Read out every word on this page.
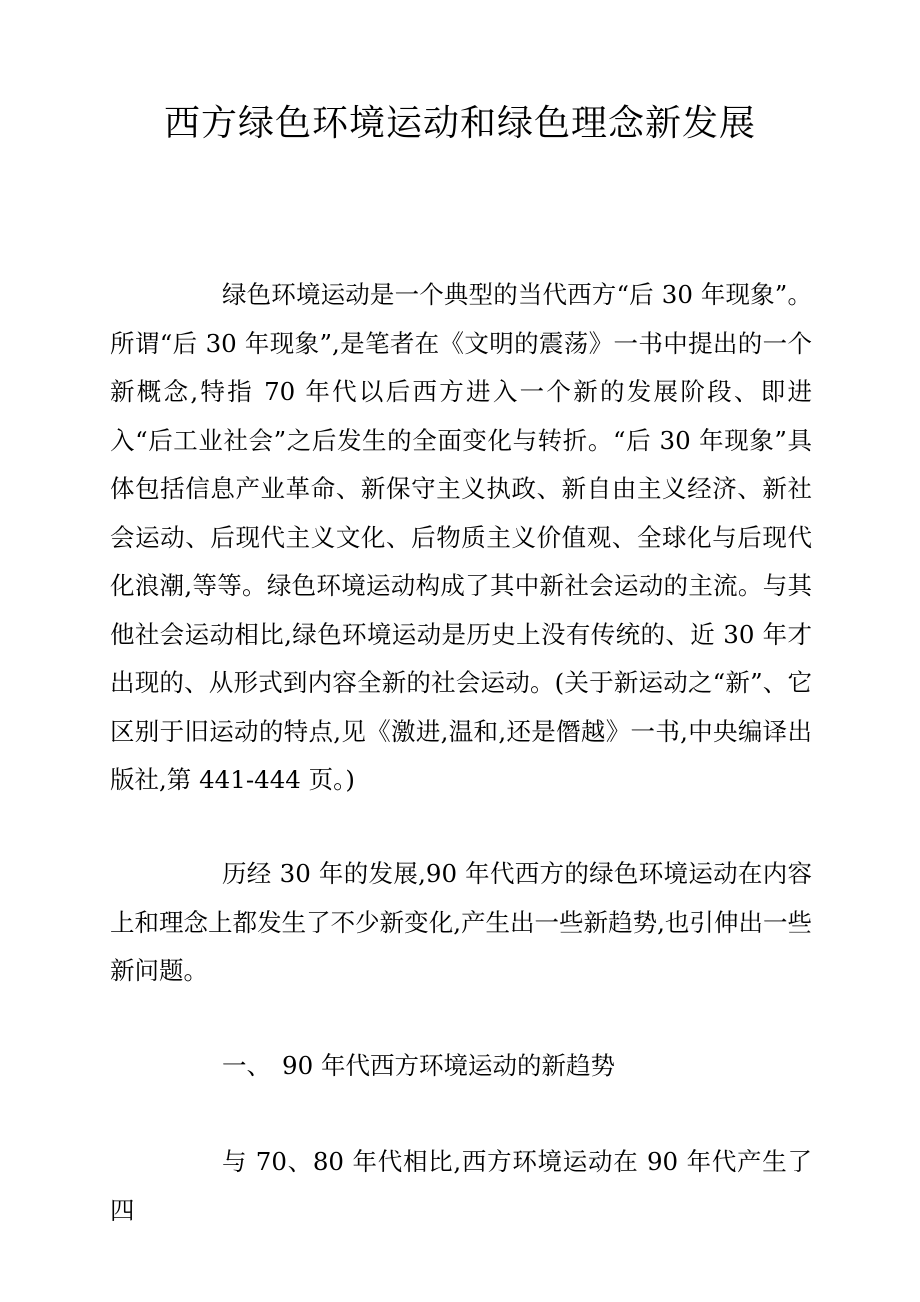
西方绿色环境运动和绿色理念新发展

绿色环境运动是一个典型的当代西方“后 30 年现象”。所谓“后 30 年现象”,是笔者在《文明的震荡》一书中提出的一个新概念,特指 70 年代以后西方进入一个新的发展阶段、即进入“后工业社会”之后发生的全面变化与转折。“后 30 年现象”具体包括信息产业革命、新保守主义执政、新自由主义经济、新社会运动、后现代主义文化、后物质主义价值观、全球化与后现代化浪潮,等等。绿色环境运动构成了其中新社会运动的主流。与其他社会运动相比,绿色环境运动是历史上没有传统的、近 30 年才出现的、从形式到内容全新的社会运动。(关于新运动之“新”、它区别于旧运动的特点,见《激进,温和,还是僭越》一书,中央编译出版社,第 441-444 页。)

历经 30 年的发展,90 年代西方的绿色环境运动在内容上和理念上都发生了不少新变化,产生出一些新趋势,也引伸出一些新问题。

一、 90 年代西方环境运动的新趋势

与 70、80 年代相比,西方环境运动在 90 年代产生了四
